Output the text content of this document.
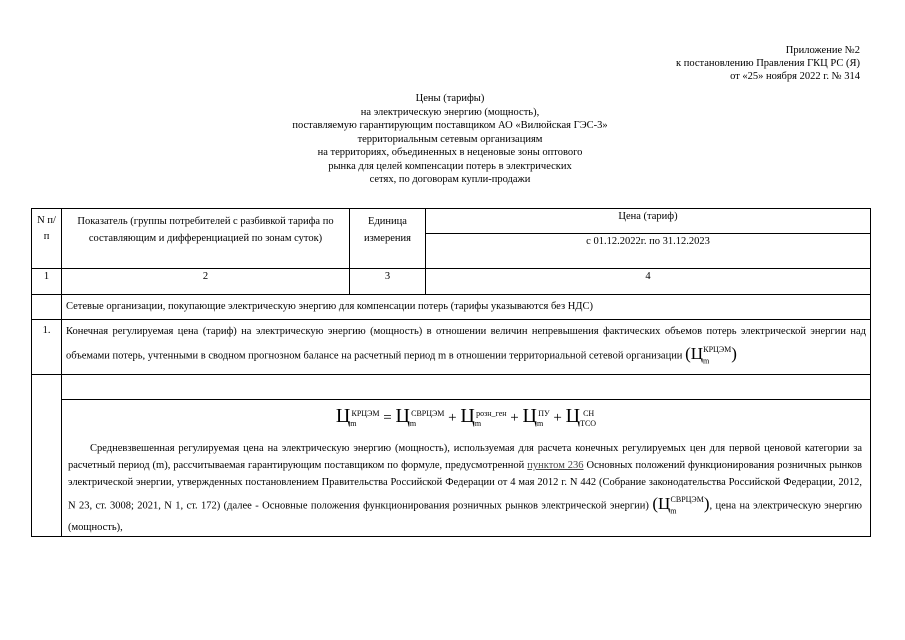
Приложение №2
к постановлению Правления ГКЦ РС (Я)
от «25» ноября 2022 г. № 314
Цены (тарифы)
на электрическую энергию (мощность),
поставляемую гарантирующим поставщиком АО «Вилюйская ГЭС-3»
территориальным сетевым организациям
на территориях, объединенных в неценовые зоны оптового
рынка для целей компенсации потерь в электрических
сетях, по договорам купли-продажи
N п/п	Показатель (группы потребителей с разбивкой тарифа по составляющим и дифференциацией по зонам суток)	Единица измерения	Цена (тариф)
			с 01.12.2022г. по 31.12.2023
1	2	3	4
	Сетевые организации, покупающие электрическую энергию для компенсации потерь (тарифы указываются без НДС)		
1.	Конечная регулируемая цена (тариф) на электрическую энергию (мощность) в отношении величин непревышения фактических объемов потерь электрической энергии над объемами потерь, учтенными в сводном прогнозном балансе на расчетный период m в отношении территориальной сетевой организации $(Ц_m^{КРЦЭМ})$		

	$Ц_m^{КРЦЭМ} = Ц_m^{СВРЦЭМ} + Ц_m^{розн\_ген} + Ц_m^{ПУ} + Ц_{ТСО}^{СН}$
Средневзвешенная регулируемая цена на электрическую энергию (мощность), используемая для расчета конечных регулируемых цен для первой ценовой категории за расчетный период (m), рассчитываемая гарантирующим поставщиком по формуле, предусмотренной пунктом 236 Основных положений функционирования розничных рынков электрической энергии, утвержденных постановлением Правительства Российской Федерации от 4 мая 2012 г. N 442 (Собрание законодательства Российской Федерации, 2012, N 23, ст. 3008; 2021, N 1, ст. 172) (далее - Основные положения функционирования розничных рынков электрической энергии) $(Ц_m^{СВРЦЭМ})$, цена на электрическую энергию (мощность),		
